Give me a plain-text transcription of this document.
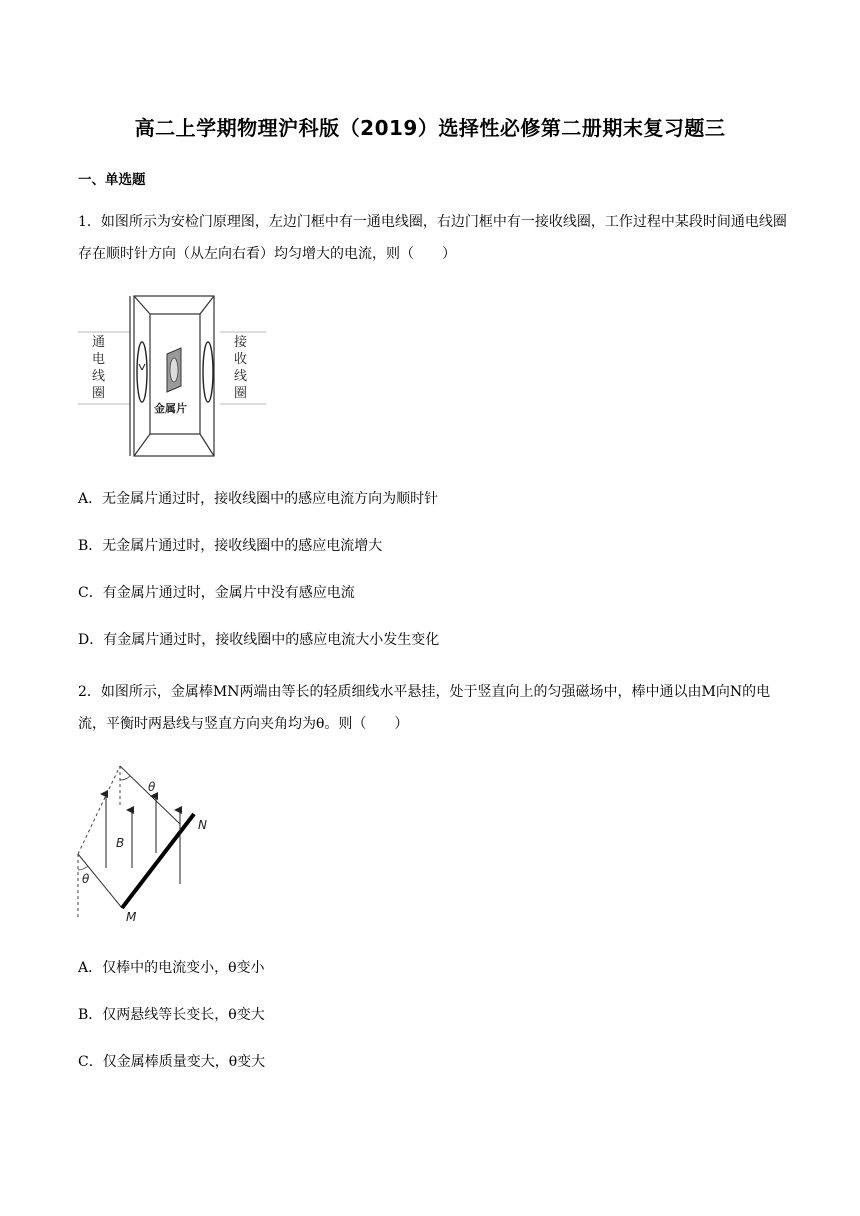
高二上学期物理沪科版（2019）选择性必修第二册期末复习题三
一、单选题
1．如图所示为安检门原理图，左边门框中有一通电线圈，右边门框中有一接收线圈，工作过程中某段时间通电线圈存在顺时针方向（从左向右看）均匀增大的电流，则（　　）
通
电
线
圈
接
收
线
圈
金属片
A．无金属片通过时，接收线圈中的感应电流方向为顺时针
B．无金属片通过时，接收线圈中的感应电流增大
C．有金属片通过时，金属片中没有感应电流
D．有金属片通过时，接收线圈中的感应电流大小发生变化
2．如图所示，金属棒MN两端由等长的轻质细线水平悬挂，处于竖直向上的匀强磁场中，棒中通以由M向N的电流，平衡时两悬线与竖直方向夹角均为θ。则（　　）
θ
θ
B
M
N
A．仅棒中的电流变小，θ变小
B．仅两悬线等长变长，θ变大
C．仅金属棒质量变大，θ变大
